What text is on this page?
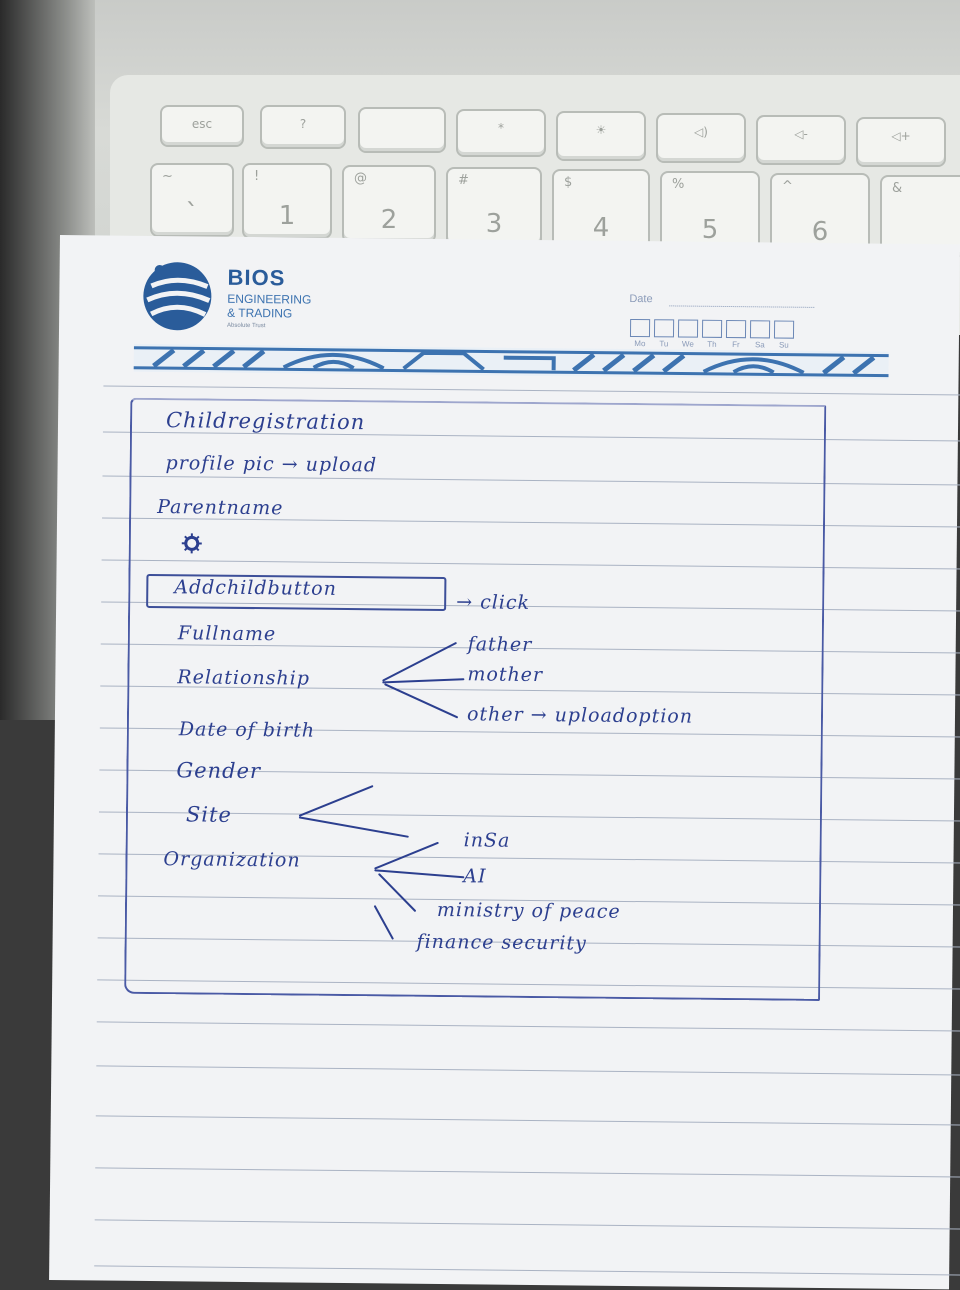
esc	?	*	☀	◁)	◁-	◁+
~
`
!
1
@
2
#
3
$
4
%
5
^
6
&
BIOS
ENGINEERING
& TRADING
Absolute Trust
Date
Mo	Tu	We	Th	Fr	Sa	Su
Childregistration
profile pic → upload
Parentname
Addchildbutton
→ click
Fullname
Relationship
father
mother
other → uploadoption
Date of birth
Gender
Site
Organization
inSa
AI
ministry of peace
finance security
